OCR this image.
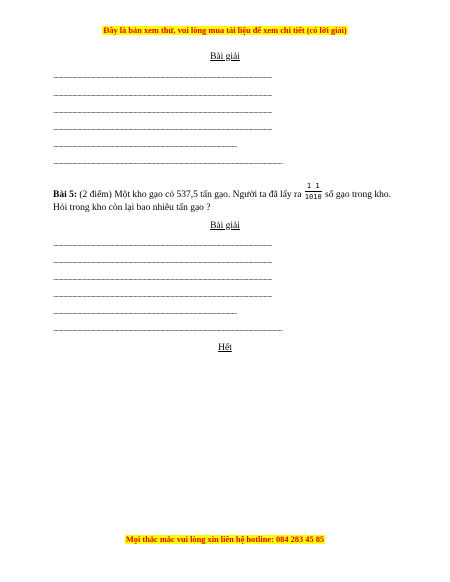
Đây là bản xem thử, vui lòng mua tài liệu để xem chi tiết (có lời giải)
Bài giải
............................................................................................................................................................................
............................................................................................................................................................................
............................................................................................................................................................................
............................................................................................................................................................................
................................................................................................................................................
....................................................................................................................................................................................
Bài 5: (2 điểm) Một kho gạo có 537,5 tấn gạo. Người ta đã lấy ra $\frac{1 1}{1010}$ số gạo trong kho.
Hỏi trong kho còn lại bao nhiêu tấn gạo ?
Bài giải
............................................................................................................................................................................
............................................................................................................................................................................
............................................................................................................................................................................
............................................................................................................................................................................
................................................................................................................................................
....................................................................................................................................................................................
Hết
Mọi thắc mắc vui lòng xin liên hệ hotline: 084 283 45 85
